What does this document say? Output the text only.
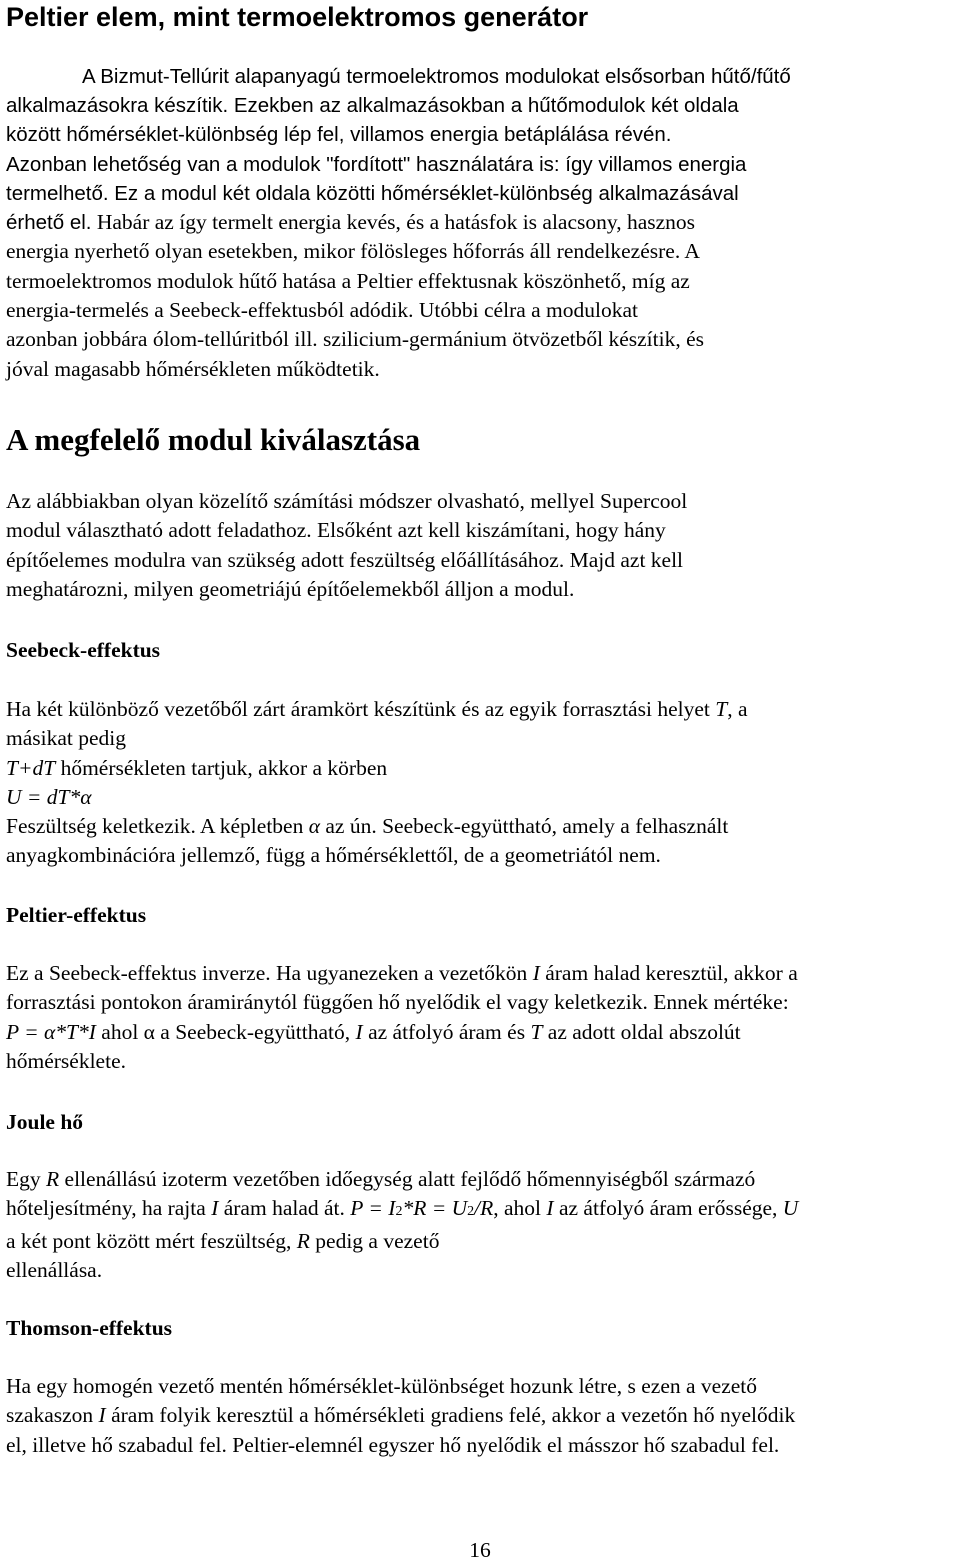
Peltier elem, mint termoelektromos generátor
A Bizmut-Tellúrit alapanyagú termoelektromos modulokat elsősorban hűtő/fűtő
alkalmazásokra készítik. Ezekben az alkalmazásokban a hűtőmodulok két oldala
között hőmérséklet-különbség lép fel, villamos energia betáplálása révén.
Azonban lehetőség van a modulok "fordított" használatára is: így villamos energia
termelhető. Ez a modul két oldala közötti hőmérséklet-különbség alkalmazásával
érhető el. Habár az így termelt energia kevés, és a hatásfok is alacsony, hasznos
energia nyerhető olyan esetekben, mikor fölösleges hőforrás áll rendelkezésre. A
termoelektromos modulok hűtő hatása a Peltier effektusnak köszönhető, míg az
energia-termelés a Seebeck-effektusból adódik. Utóbbi célra a modulokat
azonban jobbára ólom-tellúritból ill. szilicium-germánium ötvözetből készítik, és
jóval magasabb hőmérsékleten működtetik.
A megfelelő modul kiválasztása
Az alábbiakban olyan közelítő számítási módszer olvasható, mellyel Supercool
modul választható adott feladathoz. Elsőként azt kell kiszámítani, hogy hány
építőelemes modulra van szükség adott feszültség előállításához. Majd azt kell
meghatározni, milyen geometriájú építőelemekből álljon a modul.
Seebeck-effektus
Ha két különböző vezetőből zárt áramkört készítünk és az egyik forrasztási helyet T, a
másikat pedig
T+dT hőmérsékleten tartjuk, akkor a körben
U = dT*α
Feszültség keletkezik. A képletben α az ún. Seebeck-együttható, amely a felhasznált
anyagkombinációra jellemző, függ a hőmérséklettől, de a geometriától nem.
Peltier-effektus
Ez a Seebeck-effektus inverze. Ha ugyanezeken a vezetőkön I áram halad keresztül, akkor a
forrasztási pontokon áramiránytól függően hő nyelődik el vagy keletkezik. Ennek mértéke:
P = α*T*I ahol α a Seebeck-együttható, I az átfolyó áram és T az adott oldal abszolút
hőmérséklete.
Joule hő
Egy R ellenállású izoterm vezetőben időegység alatt fejlődő hőmennyiségből származó
hőteljesítmény, ha rajta I áram halad át. P = I2*R = U2/R, ahol I az átfolyó áram erőssége, U
a két pont között mért feszültség, R pedig a vezető
ellenállása.
Thomson-effektus
Ha egy homogén vezető mentén hőmérséklet-különbséget hozunk létre, s ezen a vezető
szakaszon I áram folyik keresztül a hőmérsékleti gradiens felé, akkor a vezetőn hő nyelődik
el, illetve hő szabadul fel. Peltier-elemnél egyszer hő nyelődik el másszor hő szabadul fel.
16
